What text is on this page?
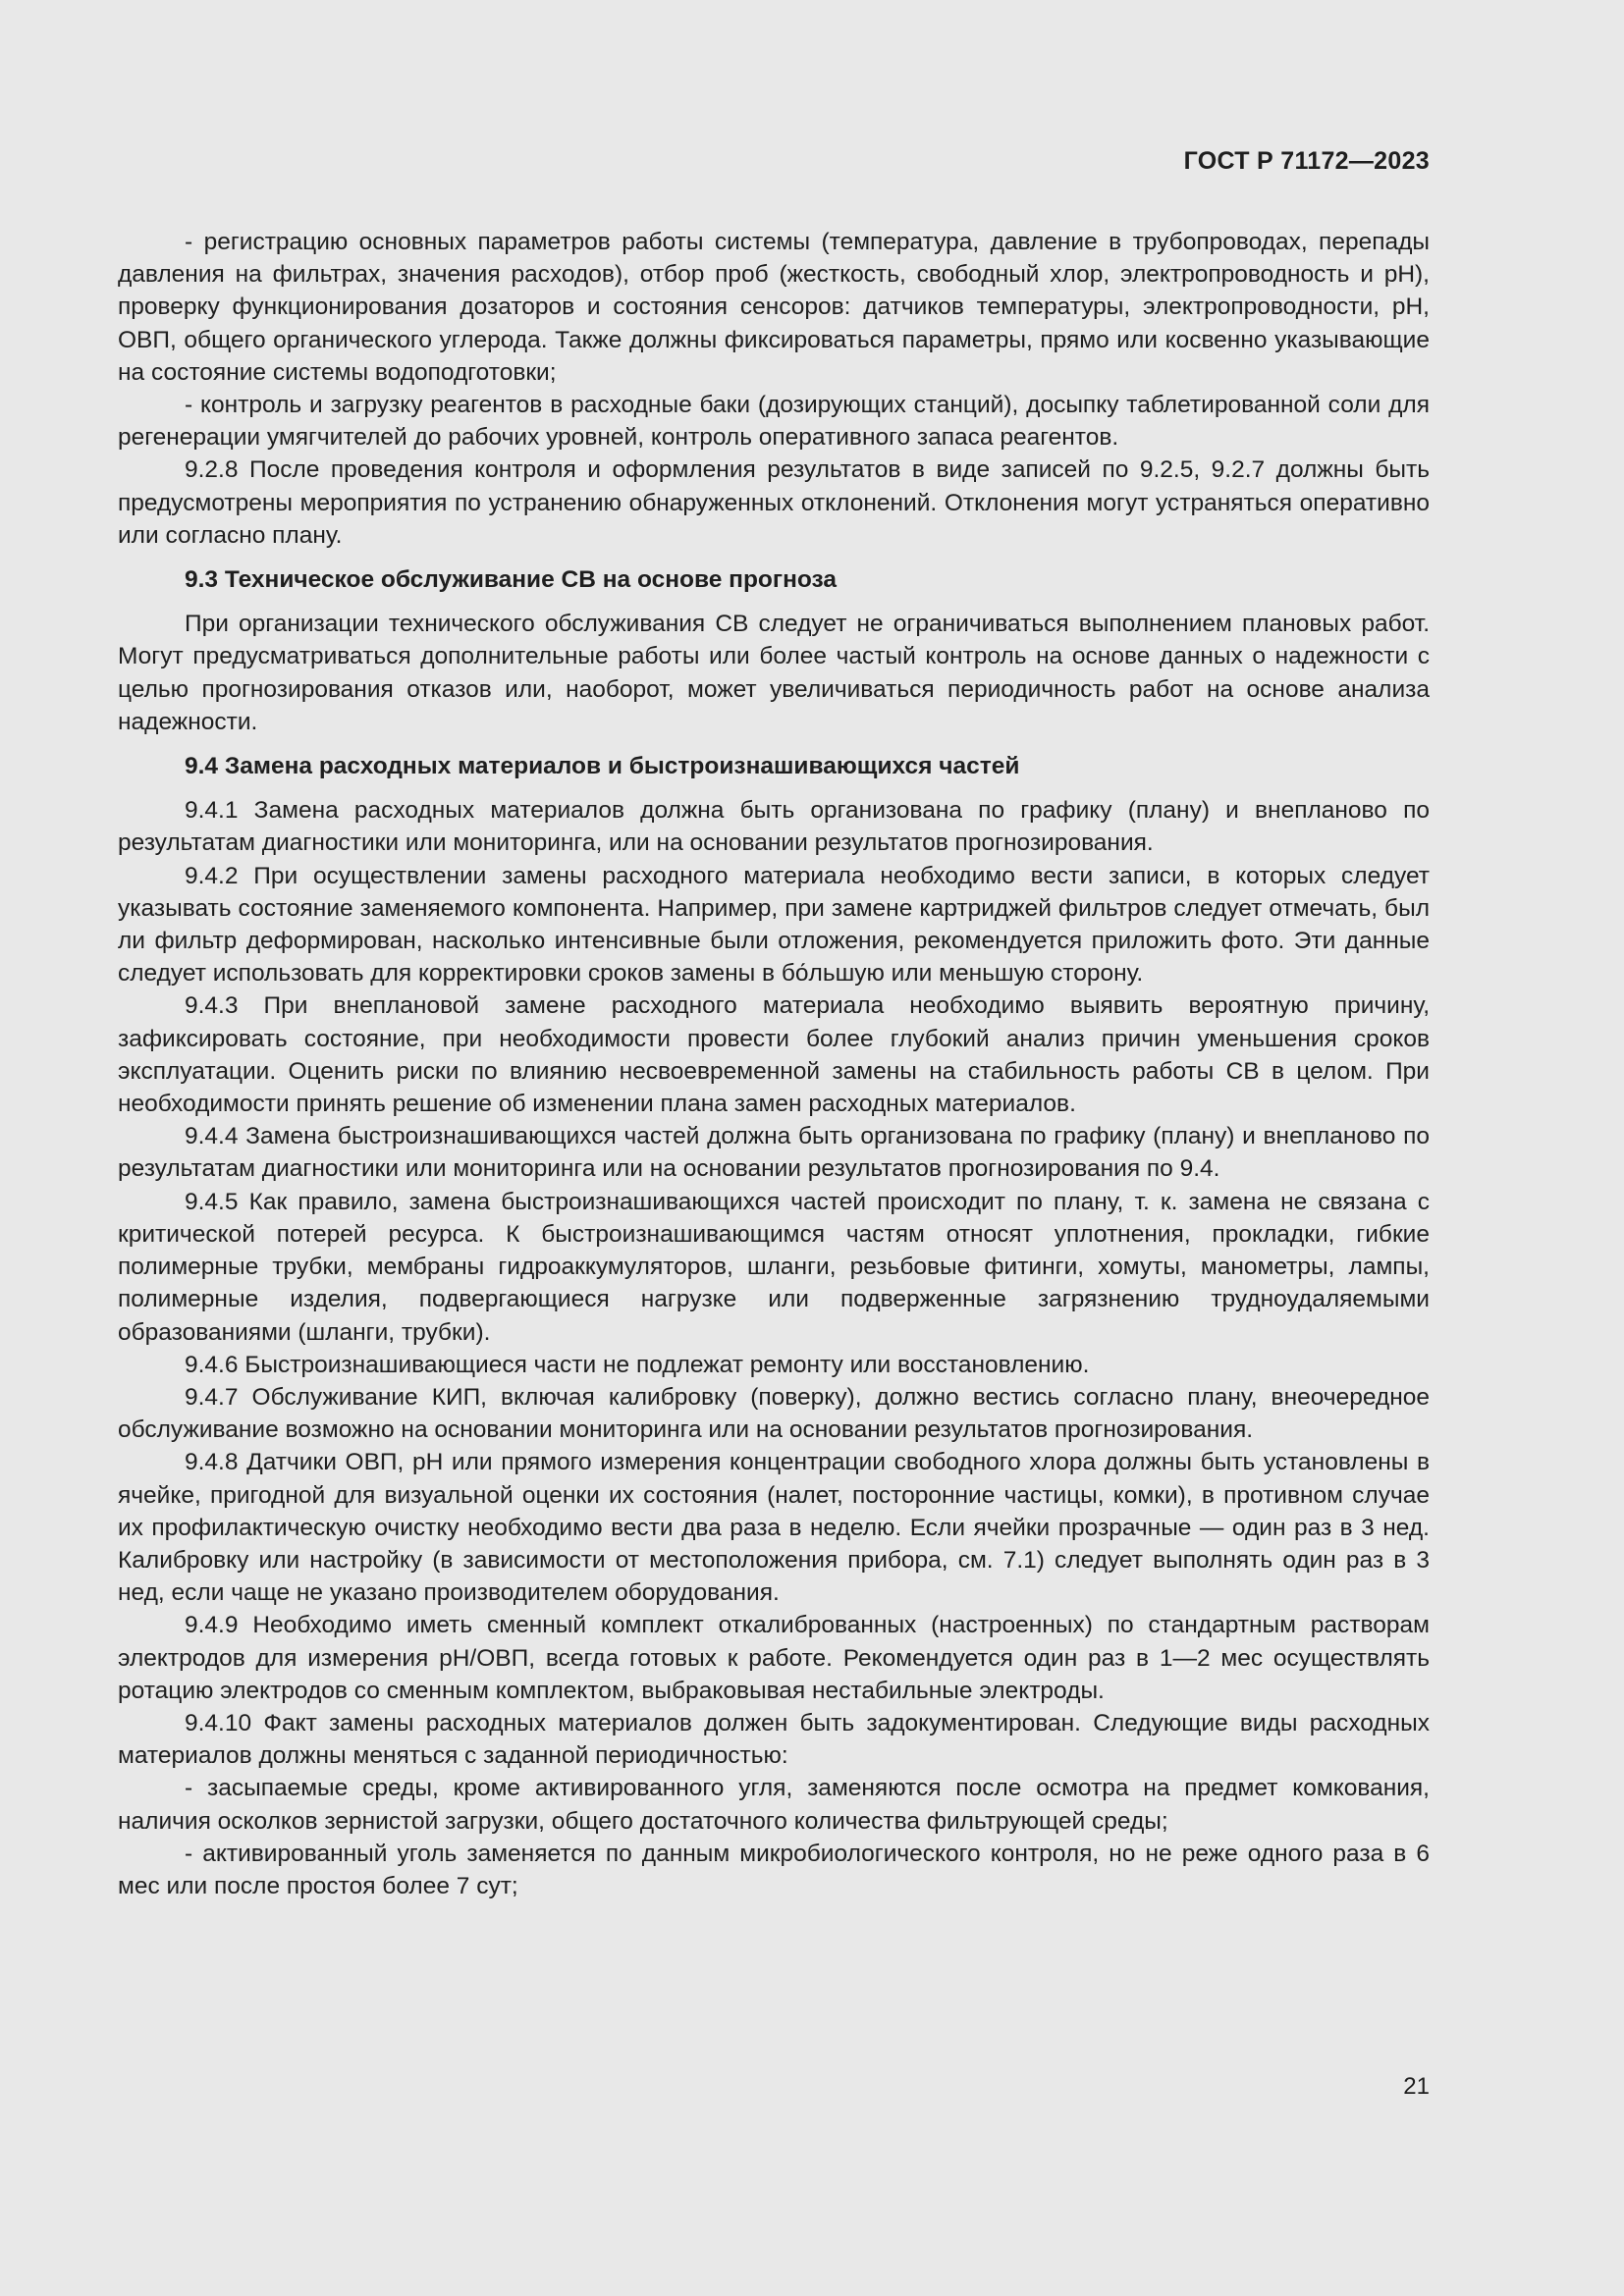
ГОСТ Р 71172—2023

- регистрацию основных параметров работы системы (температура, давление в трубопроводах, перепады давления на фильтрах, значения расходов), отбор проб (жесткость, свободный хлор, электропроводность и рН), проверку функционирования дозаторов и состояния сенсоров: датчиков температуры, электропроводности, рН, ОВП, общего органического углерода. Также должны фиксироваться параметры, прямо или косвенно указывающие на состояние системы водоподготовки;

- контроль и загрузку реагентов в расходные баки (дозирующих станций), досыпку таблетированной соли для регенерации умягчителей до рабочих уровней, контроль оперативного запаса реагентов.

9.2.8 После проведения контроля и оформления результатов в виде записей по 9.2.5, 9.2.7 должны быть предусмотрены мероприятия по устранению обнаруженных отклонений. Отклонения могут устраняться оперативно или согласно плану.

9.3 Техническое обслуживание СВ на основе прогноза

При организации технического обслуживания СВ следует не ограничиваться выполнением плановых работ. Могут предусматриваться дополнительные работы или более частый контроль на основе данных о надежности с целью прогнозирования отказов или, наоборот, может увеличиваться периодичность работ на основе анализа надежности.

9.4 Замена расходных материалов и быстроизнашивающихся частей

9.4.1 Замена расходных материалов должна быть организована по графику (плану) и внепланово по результатам диагностики или мониторинга, или на основании результатов прогнозирования.

9.4.2 При осуществлении замены расходного материала необходимо вести записи, в которых следует указывать состояние заменяемого компонента. Например, при замене картриджей фильтров следует отмечать, был ли фильтр деформирован, насколько интенсивные были отложения, рекомендуется приложить фото. Эти данные следует использовать для корректировки сроков замены в бо́льшую или меньшую сторону.

9.4.3 При внеплановой замене расходного материала необходимо выявить вероятную причину, зафиксировать состояние, при необходимости провести более глубокий анализ причин уменьшения сроков эксплуатации. Оценить риски по влиянию несвоевременной замены на стабильность работы СВ в целом. При необходимости принять решение об изменении плана замен расходных материалов.

9.4.4 Замена быстроизнашивающихся частей должна быть организована по графику (плану) и внепланово по результатам диагностики или мониторинга или на основании результатов прогнозирования по 9.4.

9.4.5 Как правило, замена быстроизнашивающихся частей происходит по плану, т. к. замена не связана с критической потерей ресурса. К быстроизнашивающимся частям относят уплотнения, прокладки, гибкие полимерные трубки, мембраны гидроаккумуляторов, шланги, резьбовые фитинги, хомуты, манометры, лампы, полимерные изделия, подвергающиеся нагрузке или подверженные загрязнению трудноудаляемыми образованиями (шланги, трубки).

9.4.6 Быстроизнашивающиеся части не подлежат ремонту или восстановлению.

9.4.7 Обслуживание КИП, включая калибровку (поверку), должно вестись согласно плану, внеочередное обслуживание возможно на основании мониторинга или на основании результатов прогнозирования.

9.4.8 Датчики ОВП, рН или прямого измерения концентрации свободного хлора должны быть установлены в ячейке, пригодной для визуальной оценки их состояния (налет, посторонние частицы, комки), в противном случае их профилактическую очистку необходимо вести два раза в неделю. Если ячейки прозрачные — один раз в 3 нед. Калибровку или настройку (в зависимости от местоположения прибора, см. 7.1) следует выполнять один раз в 3 нед, если чаще не указано производителем оборудования.

9.4.9 Необходимо иметь сменный комплект откалиброванных (настроенных) по стандартным растворам электродов для измерения рН/ОВП, всегда готовых к работе. Рекомендуется один раз в 1—2 мес осуществлять ротацию электродов со сменным комплектом, выбраковывая нестабильные электроды.

9.4.10 Факт замены расходных материалов должен быть задокументирован. Следующие виды расходных материалов должны меняться с заданной периодичностью:

- засыпаемые среды, кроме активированного угля, заменяются после осмотра на предмет комкования, наличия осколков зернистой загрузки, общего достаточного количества фильтрующей среды;

- активированный уголь заменяется по данным микробиологического контроля, но не реже одного раза в 6 мес или после простоя более 7 сут;

21
